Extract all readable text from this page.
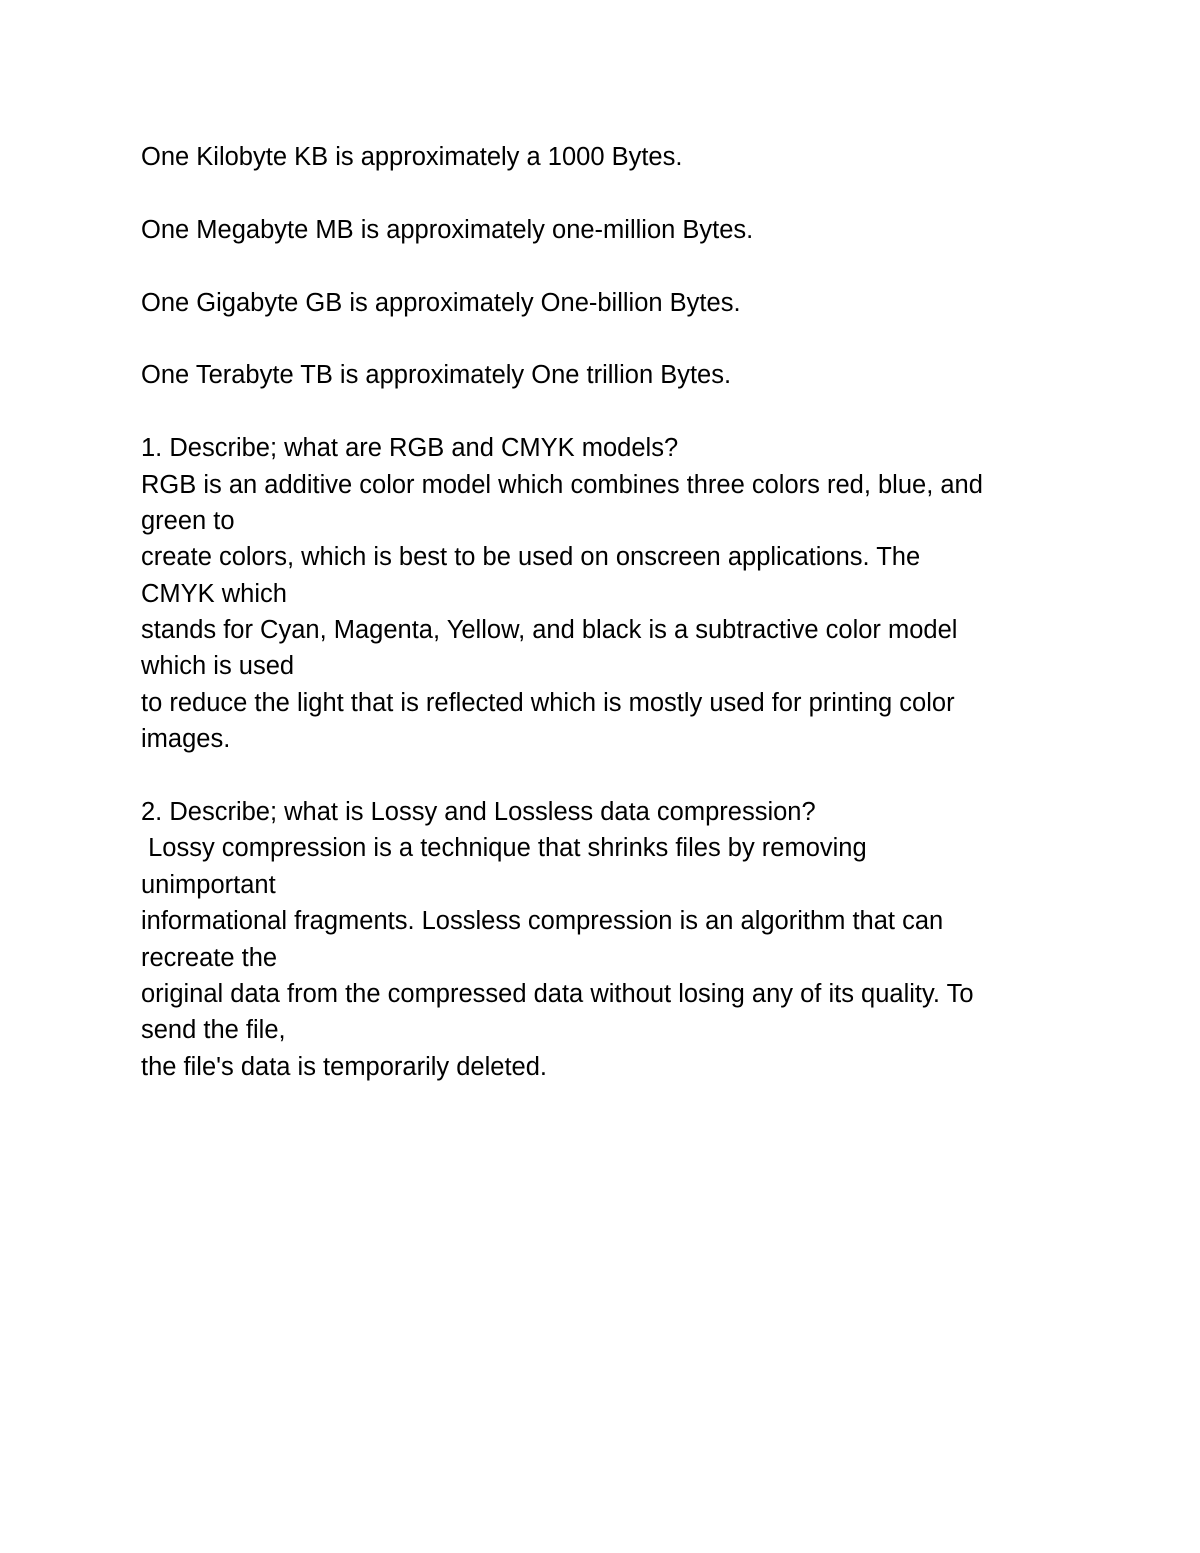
One Kilobyte KB is approximately a 1000 Bytes.
One Megabyte MB is approximately one-million Bytes.
One Gigabyte GB is approximately One-billion Bytes.
One Terabyte TB is approximately One trillion Bytes.
1. Describe; what are RGB and CMYK models?
RGB is an additive color model which combines three colors red, blue, and
green to
create colors, which is best to be used on onscreen applications. The
CMYK which
stands for Cyan, Magenta, Yellow, and black is a subtractive color model
which is used
to reduce the light that is reflected which is mostly used for printing color
images.
2. Describe; what is Lossy and Lossless data compression?
Lossy compression is a technique that shrinks files by removing
unimportant
informational fragments. Lossless compression is an algorithm that can
recreate the
original data from the compressed data without losing any of its quality. To
send the file,
the file's data is temporarily deleted.
